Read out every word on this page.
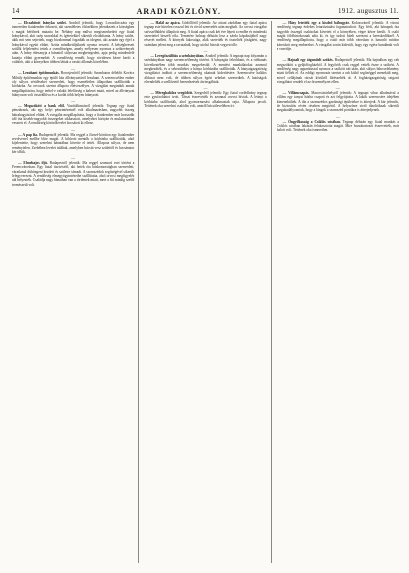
14	ARADI KÖZLÖNY.	1912. augusztus 11.

— Elcsabitott leányka szülei. Aradról jelentik, hogy Lovasdiriczára egy ismeretlen fiatalember érkezett, aki szemléletes öltözékben jelentkezett a községben s magát bérlőnek mutatta be. Néhány nap múlva megismerkedett egy fiatal leánykával, akit szép szavakkal és ígéretekkel sikerült elcsábítania. A leány szülei, akik mit sem sejtettek, nagy bizalommal fogadták az idegent, aki azután egy éjjel a leánykával együtt eltűnt. Azóta mindkettőjüknek nyoma veszett. A kétségbeesett szülők feljelentést tettek a csendőrségen, amely erélyesen nyomoz a szökevények után. A leány édesanyja a bánattól súlyosan megbetegedett, apja pedig mindenfelé kutatja eltűnt gyermekét. A csendőrség reméli, hogy rövidesen kézre keríti a csábítót, akit a környéken többen láttak a vasúti állomás közelében.

—

— Lezuhant építőmunkás. Borosjenőről jelentik: Szombaton délelőtt Kovács Mihály építőmunkás egy épülő ház állványzatáról lezuhant. A szerencsétlen ember oly súlyos sérüléseket szenvedett, hogy eszméletlen állapotban szállították a kórházba. Az orvosok szerint állapota életveszélyes. A vizsgálat megindult annak megállapítására, hogy terhel-e valakit felelősség a baleset miatt, mivel az állványzat hiányosan volt összeállítva és a korlát több helyen hiányzott.

—

— Megszökött a bank elől. Vasútállomásról jelentik: Tegnap egy fiatal pénztárnok, aki egy helyi pénzintézetnél volt alkalmazásban, nagyobb összeg hátrahagyásával eltűnt. A vizsgálat megállapította, hogy a fiatalember már hosszabb idő óta kisebb-nagyobb összegeket sikkasztott, amelyeket kártyán és mulatozásban vesztett el. A rendőrség körözőlevelet bocsátott ki ellene.

—

— A pap fia. Budapestről jelentik: Ma reggel a József-körúton egy fiatalember revolverrel mellbe lőtte magát. A kihívott mentők a kórházba szállították, ahol kijelentette, hogy szerelmi bánatában követte el tettét. Állapota súlyos, de nem reménytelen. Zsebében levelet találtak, amelyben búcsút vesz szüleitől és bocsánatot kér tőlük.

—

— Elmebajos ifjú. Budapestről jelentik: Ma reggel szomorú eset történt a Ferencvárosban. Egy fiatal tisztviselő, aki hetek óta búskomorságban szenvedett, váratlanul dühöngeni kezdett és szüleire támadt. A szomszédok segítségével sikerült lefegyverezni. A rendőrség elmegyógyintézetbe szállíttatta, ahol orvosi megfigyelés alá helyezték. Családja nagy bánatban van a történtek miatt, mert a fiú mindig szelíd természetű volt.

— Halál az apáca. Gödöllőről jelentik: Az ottani zárdában egy fiatal apáca tegnap este hirtelen rosszul lett és rövid szenvedés után meghalt. Az orvosi vizsgálat szívszélhűdést állapított meg. A fiatal apáca csak két éve lépett a rendbe és mindenki szeretettel beszélt róla. Temetése holnap délután lesz a zárda kápolnájából nagy részvét mellett. A környék lakossága, akik szerették és tisztelték jóságáért, nagy számban jelent meg a ravatalnál, hogy utolsó búcsút vegyen tőle.

—

— Levegőszállítás a szénbányában. Aradról jelentik: A tegnapi nap folyamán a szénbányában nagy szerencsétlenség történt. A bányagáz felrobbant, és a robbanás következtében több munkás megsebesült. A mentési munkálatokat azonnal megkezdték, és a sebesülteket a bánya kórházába szállították. A bányaigazgatóság vizsgálatot indított a szerencsétlenség okainak kiderítésére. Szerencsére halálos áldozat nem volt, de többen súlyos égési sebeket szenvedtek. A hatóságok elrendelték a szellőztető berendezések átvizsgálását.

—

— Méreghalálra vergődött. Szegedről jelentik: Egy fiatal cselédleány tegnap este gyufaoldatot ivott. Társai észrevették és azonnal orvost hívtak. A leányt a kórházba szállították, ahol gyomormosást alkalmaztak rajta. Állapota javult. Tettének oka szerelmi csalódás volt, amiről búcsúlevelében írt.

— Házy letették egy a kisded bábugyár. Kolozsvárról jelentik: A városi rendőrség tegnap érdekes letartóztatást foganatosított. Egy férfi, aki hónapok óta nagyobb összegű csalásokat követett el a környéken, végre kézre került. A csaló magát földbirtokosnak adta ki, és így tudott hitelt szerezni a kereskedőknél. A rendőrség megállapította, hogy a csaló már több városban is hasonló módon károsított meg embereket. A vizsgálat során kiderült, hogy egy egész bandának volt a vezetője.

—

— Hajnali egy átgondolt szökés. Budapestről jelentik: Ma hajnalban egy rab megszökött a gyűjtőfogházból. A fegyőrök csak reggel vették észre a szökést. A rendőrség nagy apparátussal nyomoz a szökött rab után, akit súlyos bűncselekmény miatt ítéltek el. Az eddigi nyomozás szerint a rab külső segítséggel menekült meg, mivel cellájának rácsát kívülről fűrészelték át. A fogházigazgatóság szigorú vizsgálatot rendelt el az őrszemélyzet ellen.

—

— Villámcsapás. Marosvásárhelyről jelentik: A tegnapi vihar alkalmával a villám egy tanyai házba csapott és azt felgyújtotta. A lakók szerencsére idejében kimenekültek. A tűz a szomszédos gazdasági épületekre is átterjedt. A kár jelentős, de biztosítás révén részben megtérül. A helyszínre siető tűzoltóknak sikerült megakadályozniuk, hogy a lángok a szomszéd portákra is átterjedjenek.

—

— Öngyilkosság a Csiklós utcában. Tegnap délután egy fiatal munkás a Csiklós utcában lakásán felakasztotta magát. Mire hozzátartozói észrevették, már halott volt. Tettének oka ismeretlen.
